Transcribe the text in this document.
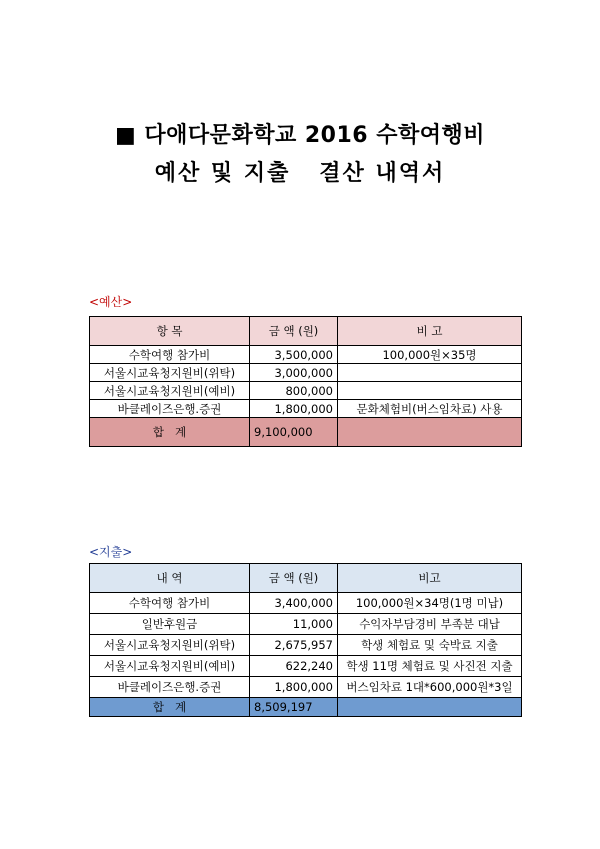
■ 다애다문화학교 2016 수학여행비
예산 및 지출   결산 내역서
<예산>
항 목	금 액 (원)	비 고
수학여행 참가비	3,500,000	100,000원×35명
서울시교육청지원비(위탁)	3,000,000	
서울시교육청지원비(예비)	800,000	
바클레이즈은행.증권	1,800,000	문화체험비(버스임차료) 사용
합   계	9,100,000	
<지출>
내 역	금 액 (원)	비고
수학여행 참가비	3,400,000	100,000원×34명(1명 미납)
일반후원금	11,000	수익자부담경비 부족분 대납
서울시교육청지원비(위탁)	2,675,957	학생 체험료 및 숙박료 지출
서울시교육청지원비(예비)	622,240	학생 11명 체험료 및 사진전 지출
바클레이즈은행.증권	1,800,000	버스임차료 1대*600,000원*3일
합   계	8,509,197	
